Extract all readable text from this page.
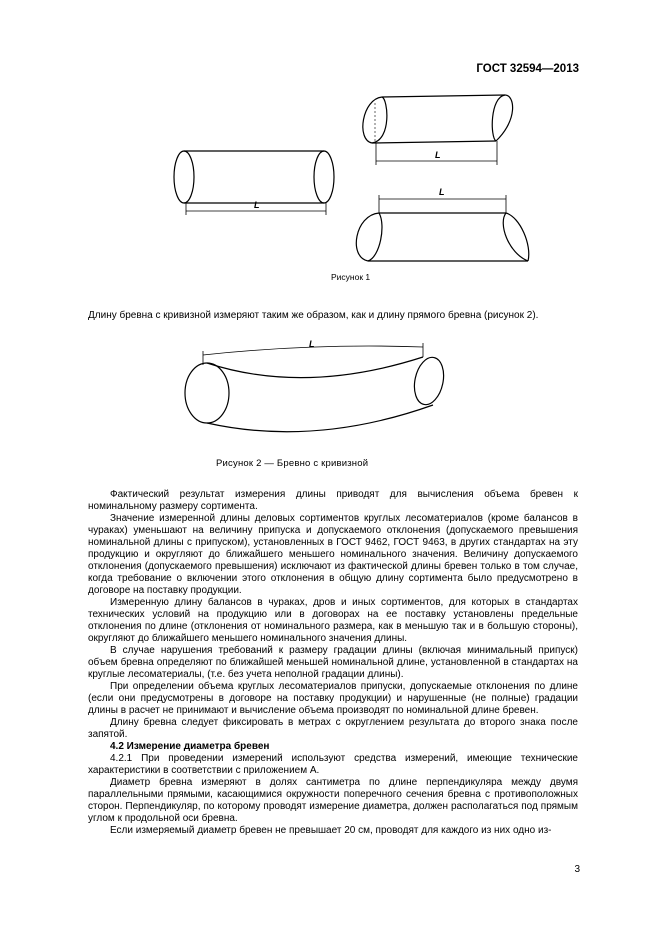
ГОСТ 32594—2013
L
L
L
Рисунок 1
Длину бревна с кривизной измеряют таким же образом, как и длину прямого бревна (рисунок 2).
L
Рисунок 2 — Бревно с кривизной

Фактический результат измерения длины приводят для вычисления объема бревен к номинальному размеру сортимента.

Значение измеренной длины деловых сортиментов круглых лесоматериалов (кроме балансов в чураках) уменьшают на величину припуска и допускаемого отклонения (допускаемого превышения номинальной длины с припуском), установленных в ГОСТ 9462, ГОСТ 9463, в других стандартах на эту продукцию и округляют до ближайшего меньшего номинального значения. Величину допускаемого отклонения (допускаемого превышения) исключают из фактической длины бревен только в том случае, когда требование о включении этого отклонения в общую длину сортимента было предусмотрено в договоре на поставку продукции.

Измеренную длину балансов в чураках, дров и иных сортиментов, для которых в стандартах технических условий на продукцию или в договорах на ее поставку установлены предельные отклонения по длине (отклонения от номинального размера, как в меньшую так и в большую стороны), округляют до ближайшего меньшего номинального значения длины.

В случае нарушения требований к размеру градации длины (включая минимальный припуск) объем бревна определяют по ближайшей меньшей номинальной длине, установленной в стандартах на круглые лесоматериалы, (т.е. без учета неполной градации длины).

При определении объема круглых лесоматериалов припуски, допускаемые отклонения по длине (если они предусмотрены в договоре на поставку продукции) и нарушенные (не полные) градации длины в расчет не принимают и вычисление объема производят по номинальной длине бревен.

Длину бревна следует фиксировать в метрах с округлением результата до второго знака после запятой.

4.2 Измерение диаметра бревен

4.2.1 При проведении измерений используют средства измерений, имеющие технические характеристики в соответствии с приложением А.

Диаметр бревна измеряют в долях сантиметра по длине перпендикуляра между двумя параллельными прямыми, касающимися окружности поперечного сечения бревна с противоположных сторон. Перпендикуляр, по которому проводят измерение диаметра, должен располагаться под прямым углом к продольной оси бревна.

Если измеряемый диаметр бревен не превышает 20 см, проводят для каждого из них одно из-

3
